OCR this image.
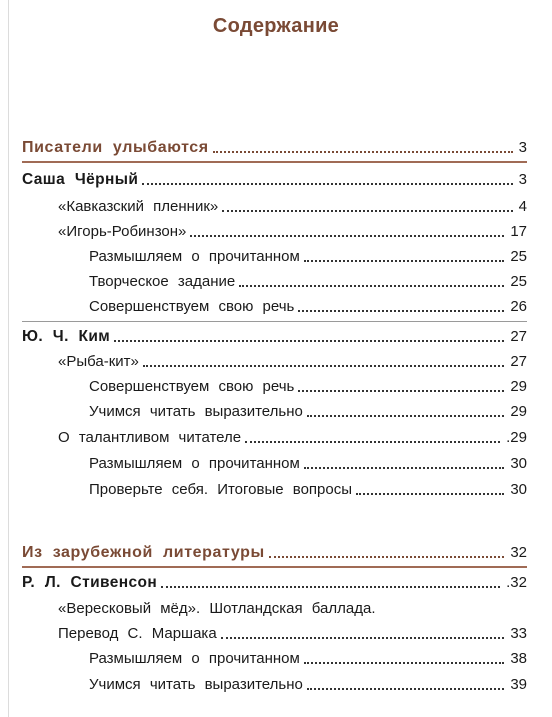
Содержание
Писатели улыбаются	3
Саша Чёрный	3
«Кавказский пленник»	4
«Игорь-Робинзон»	17
Размышляем о прочитанном	25
Творческое задание	25
Совершенствуем свою речь	26
Ю. Ч. Ким	27
«Рыба-кит»	27
Совершенствуем свою речь	29
Учимся читать выразительно	29
О талантливом читателе	.29
Размышляем о прочитанном	30
Проверьте себя. Итоговые вопросы	30
Из зарубежной литературы	32
Р. Л. Стивенсон	.32
«Вересковый мёд». Шотландская баллада.
Перевод С. Маршака	33
Размышляем о прочитанном	38
Учимся читать выразительно	39
